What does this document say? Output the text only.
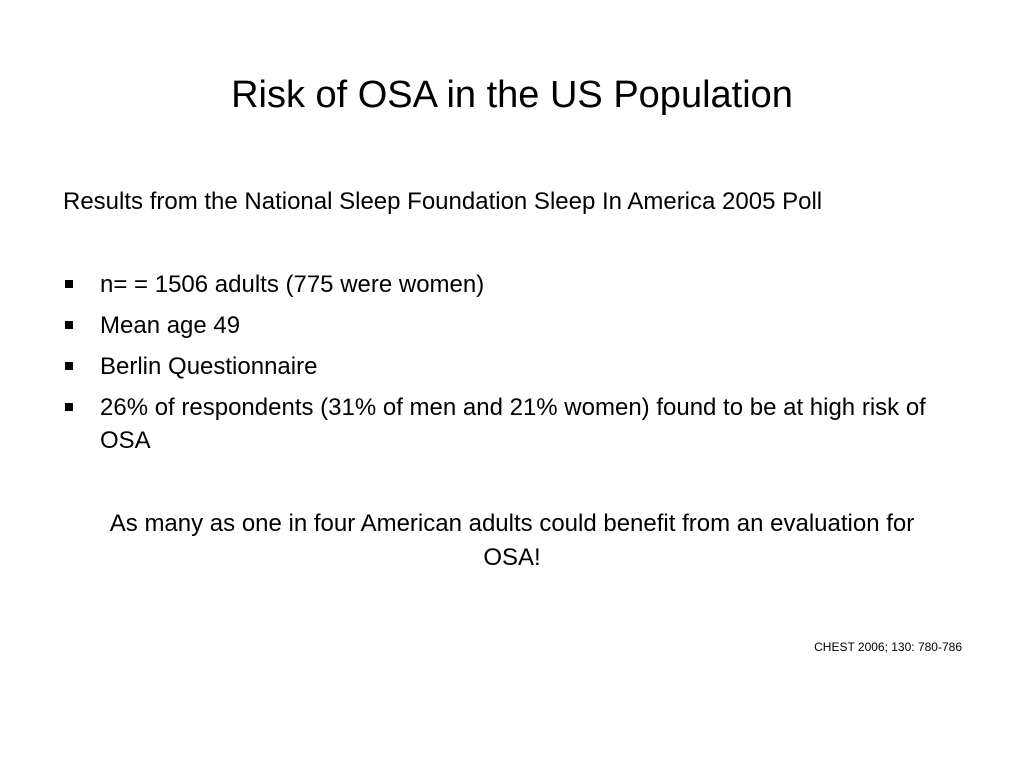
Risk of OSA in the US Population

Results from the National Sleep Foundation Sleep In America 2005 Poll

n= = 1506 adults (775 were women)
Mean age 49
Berlin Questionnaire
26% of respondents (31% of men and 21% women) found to be at high risk of OSA

As many as one in four American adults could benefit from an evaluation for OSA!

CHEST 2006; 130: 780-786
